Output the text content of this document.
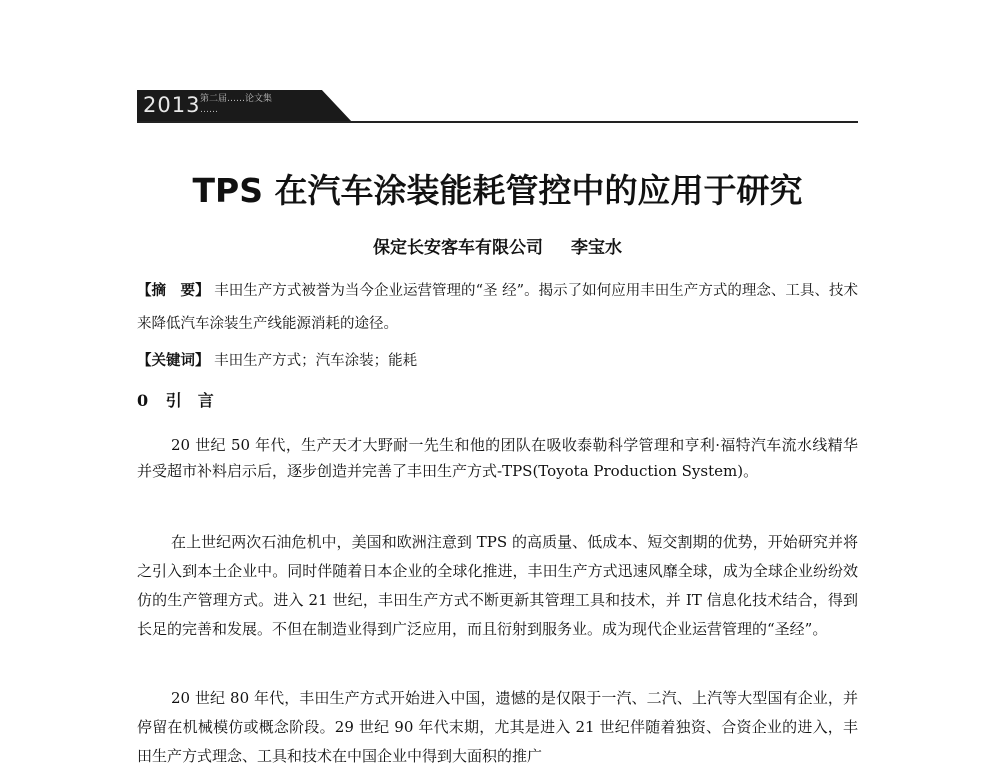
2013 第二届……论文集
……
TPS 在汽车涂装能耗管控中的应用于研究
保定长安客车有限公司 李宝水
【摘　要】 丰田生产方式被誉为当今企业运营管理的“圣 经”。揭示了如何应用丰田生产方式的理念、工具、技术来降低汽车涂装生产线能源消耗的途径。
【关键词】 丰田生产方式；汽车涂装；能耗
0 引　言
20 世纪 50 年代，生产天才大野耐一先生和他的团队在吸收泰勒科学管理和亨利·福特汽车流水线精华并受超市补料启示后，逐步创造并完善了丰田生产方式-TPS(Toyota Production System)。
在上世纪两次石油危机中，美国和欧洲注意到 TPS 的高质量、低成本、短交割期的优势，开始研究并将之引入到本土企业中。同时伴随着日本企业的全球化推进，丰田生产方式迅速风靡全球，成为全球企业纷纷效仿的生产管理方式。进入 21 世纪，丰田生产方式不断更新其管理工具和技术，并 IT 信息化技术结合，得到长足的完善和发展。不但在制造业得到广泛应用，而且衍射到服务业。成为现代企业运营管理的“圣经”。
20 世纪 80 年代，丰田生产方式开始进入中国，遗憾的是仅限于一汽、二汽、上汽等大型国有企业，并停留在机械模仿或概念阶段。29 世纪 90 年代末期，尤其是进入 21 世纪伴随着独资、合资企业的进入，丰田生产方式理念、工具和技术在中国企业中得到大面积的推广
